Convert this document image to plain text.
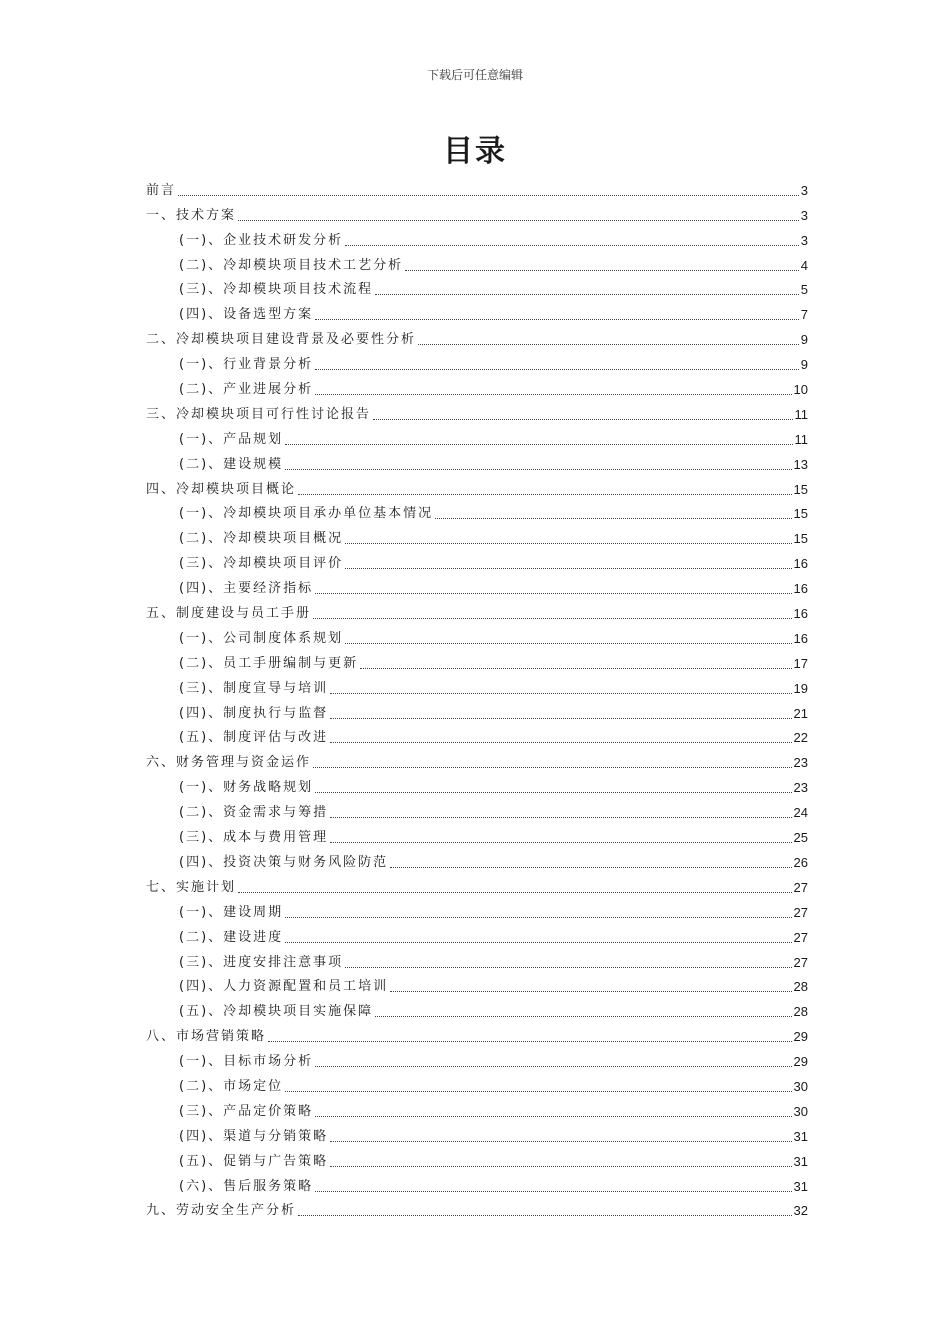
下载后可任意编辑
目录
前言	3
一、技术方案	3
(一)、企业技术研发分析	3
(二)、冷却模块项目技术工艺分析	4
(三)、冷却模块项目技术流程	5
(四)、设备选型方案	7
二、冷却模块项目建设背景及必要性分析	9
(一)、行业背景分析	9
(二)、产业进展分析	10
三、冷却模块项目可行性讨论报告	11
(一)、产品规划	11
(二)、建设规模	13
四、冷却模块项目概论	15
(一)、冷却模块项目承办单位基本情况	15
(二)、冷却模块项目概况	15
(三)、冷却模块项目评价	16
(四)、主要经济指标	16
五、制度建设与员工手册	16
(一)、公司制度体系规划	16
(二)、员工手册编制与更新	17
(三)、制度宣导与培训	19
(四)、制度执行与监督	21
(五)、制度评估与改进	22
六、财务管理与资金运作	23
(一)、财务战略规划	23
(二)、资金需求与筹措	24
(三)、成本与费用管理	25
(四)、投资决策与财务风险防范	26
七、实施计划	27
(一)、建设周期	27
(二)、建设进度	27
(三)、进度安排注意事项	27
(四)、人力资源配置和员工培训	28
(五)、冷却模块项目实施保障	28
八、市场营销策略	29
(一)、目标市场分析	29
(二)、市场定位	30
(三)、产品定价策略	30
(四)、渠道与分销策略	31
(五)、促销与广告策略	31
(六)、售后服务策略	31
九、劳动安全生产分析	32
